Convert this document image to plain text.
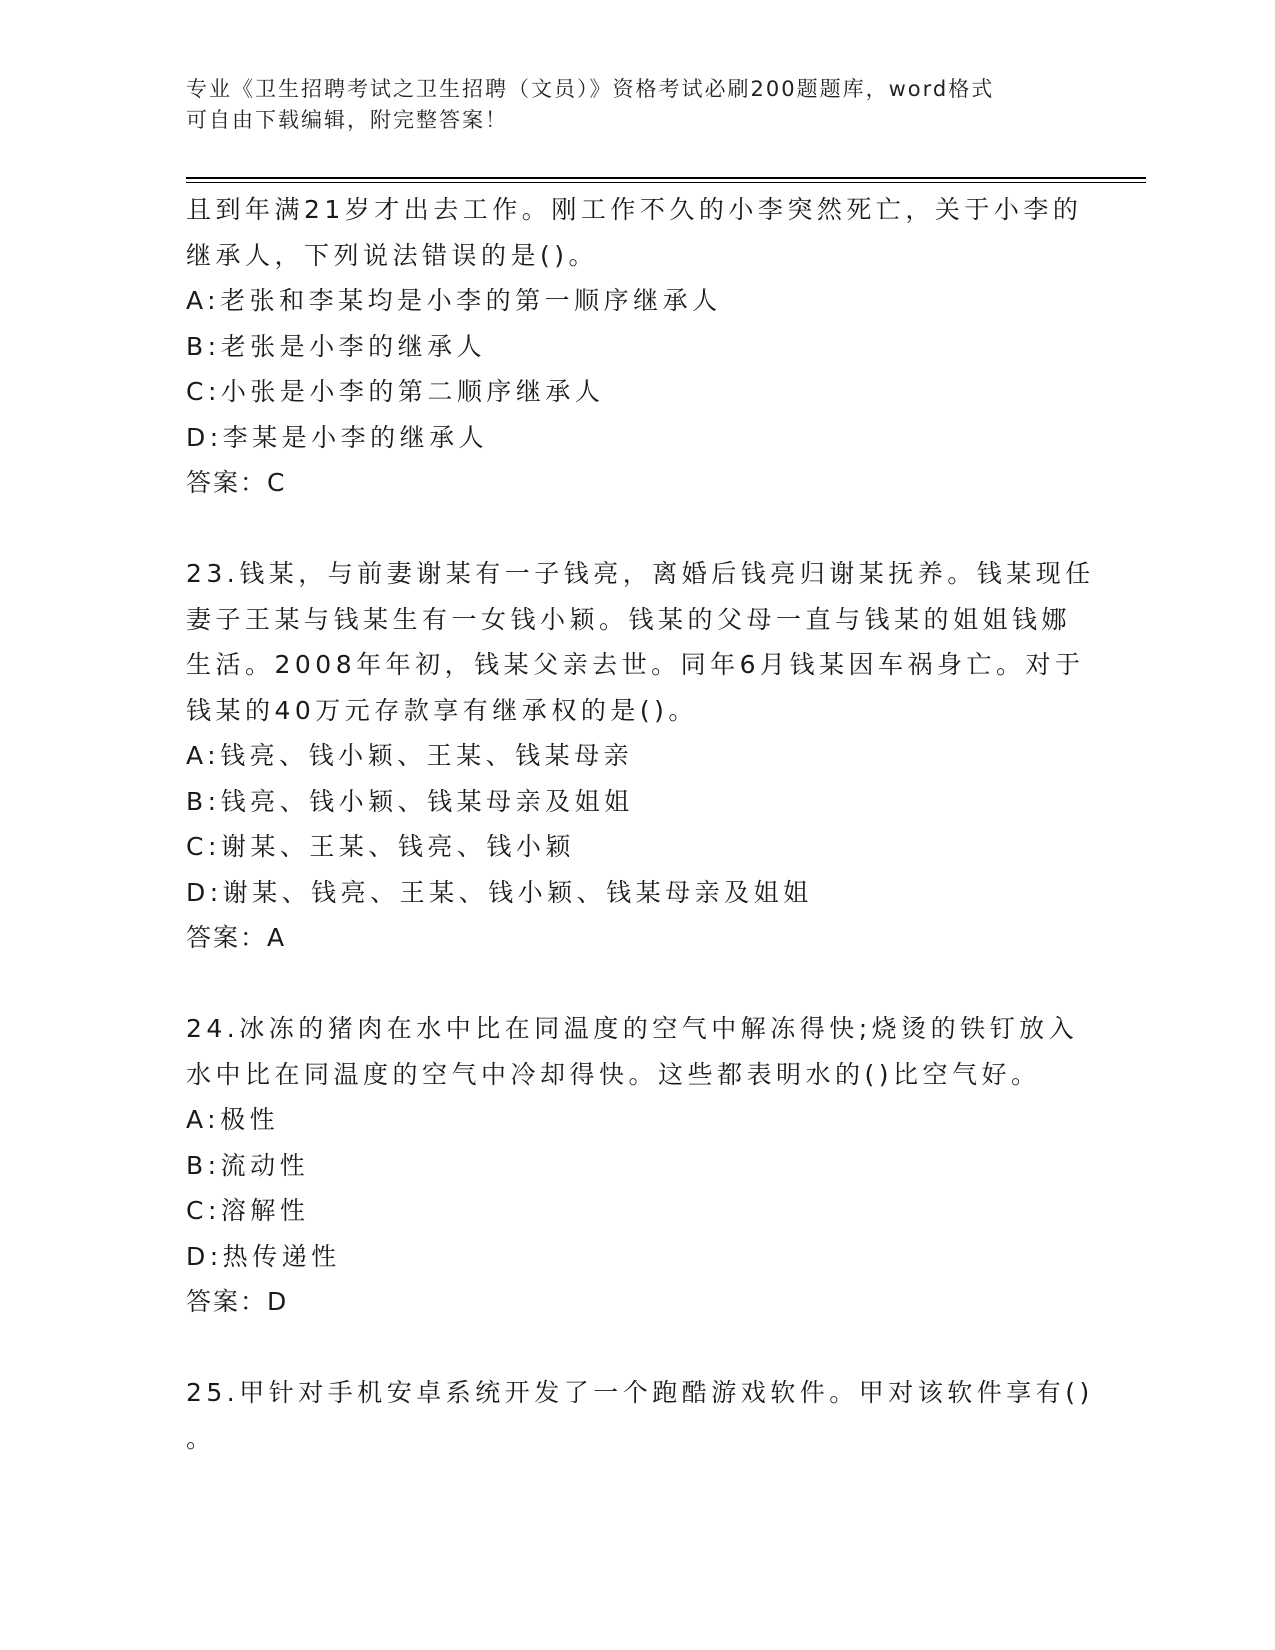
专业《卫生招聘考试之卫生招聘（文员）》资格考试必刷200题题库，word格式
可自由下载编辑，附完整答案！
且到年满21岁才出去工作。刚工作不久的小李突然死亡，关于小李的
继承人，下列说法错误的是()。
A:老张和李某均是小李的第一顺序继承人
B:老张是小李的继承人
C:小张是小李的第二顺序继承人
D:李某是小李的继承人
答案：C
23.钱某，与前妻谢某有一子钱亮，离婚后钱亮归谢某抚养。钱某现任
妻子王某与钱某生有一女钱小颖。钱某的父母一直与钱某的姐姐钱娜
生活。2008年年初，钱某父亲去世。同年6月钱某因车祸身亡。对于
钱某的40万元存款享有继承权的是()。
A:钱亮、钱小颖、王某、钱某母亲
B:钱亮、钱小颖、钱某母亲及姐姐
C:谢某、王某、钱亮、钱小颖
D:谢某、钱亮、王某、钱小颖、钱某母亲及姐姐
答案：A
24.冰冻的猪肉在水中比在同温度的空气中解冻得快;烧烫的铁钉放入
水中比在同温度的空气中冷却得快。这些都表明水的()比空气好。
A:极性
B:流动性
C:溶解性
D:热传递性
答案：D
25.甲针对手机安卓系统开发了一个跑酷游戏软件。甲对该软件享有()
。
